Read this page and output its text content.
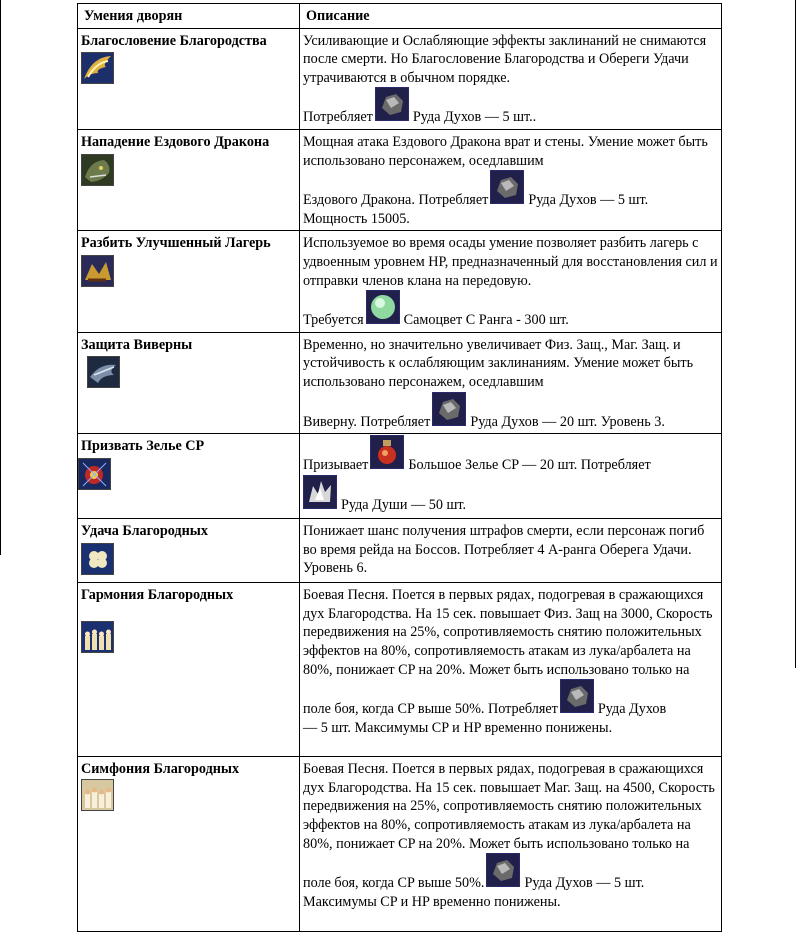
Умения дворян	Описание

Благословение Благородства	Усиливающие и Ослабляющие эффекты заклинаний не снимаются после смерти. Но Благословение Благородства и Обереги Удачи утрачиваются в обычном порядке.
Потребляет Руда Духов — 5 шт..

Нападение Ездового Дракона	Мощная атака Ездового Дракона врат и стены. Умение может быть использовано персонажем, оседлавшим
Ездового Дракона. Потребляет Руда Духов — 5 шт.
Мощность 15005.

Разбить Улучшенный Лагерь	Используемое во время осады умение позволяет разбить лагерь с удвоенным уровнем HP, предназначенный для восстановления сил и отправки членов клана на передовую.
Требуется Самоцвет С Ранга - 300 шт.

Защита Виверны	Временно, но значительно увеличивает Физ. Защ., Маг. Защ. и устойчивость к ослабляющим заклинаниям. Умение может быть использовано персонажем, оседлавшим
Виверну. Потребляет Руда Духов — 20 шт. Уровень 3.

Призвать Зелье CP	Призывает Большое Зелье CP — 20 шт. Потребляет

Руда Души — 50 шт.

Удача Благородных	Понижает шанс получения штрафов смерти, если персонаж погиб во время рейда на Боссов. Потребляет 4 А-ранга Оберега Удачи. Уровень 6.

Гармония Благородных	Боевая Песня. Поется в первых рядах, подогревая в сражающихся дух Благородства. На 15 сек. повышает Физ. Защ на 3000, Скорость передвижения на 25%, сопротивляемость снятию положительных эффектов на 80%, сопротивляемость атакам из лука/арбалета на 80%, понижает CP на 20%. Может быть использовано только на
поле боя, когда CP выше 50%. Потребляет Руда Духов
— 5 шт. Максимумы CP и HP временно понижены.

Симфония Благородных	Боевая Песня. Поется в первых рядах, подогревая в сражающихся дух Благородства. На 15 сек. повышает Маг. Защ. на 4500, Скорость передвижения на 25%, сопротивляемость снятию положительных эффектов на 80%, сопротивляемость атакам из лука/арбалета на 80%, понижает CP на 20%. Может быть использовано только на
поле боя, когда CP выше 50%. Руда Духов — 5 шт.
Максимумы CP и HP временно понижены.
